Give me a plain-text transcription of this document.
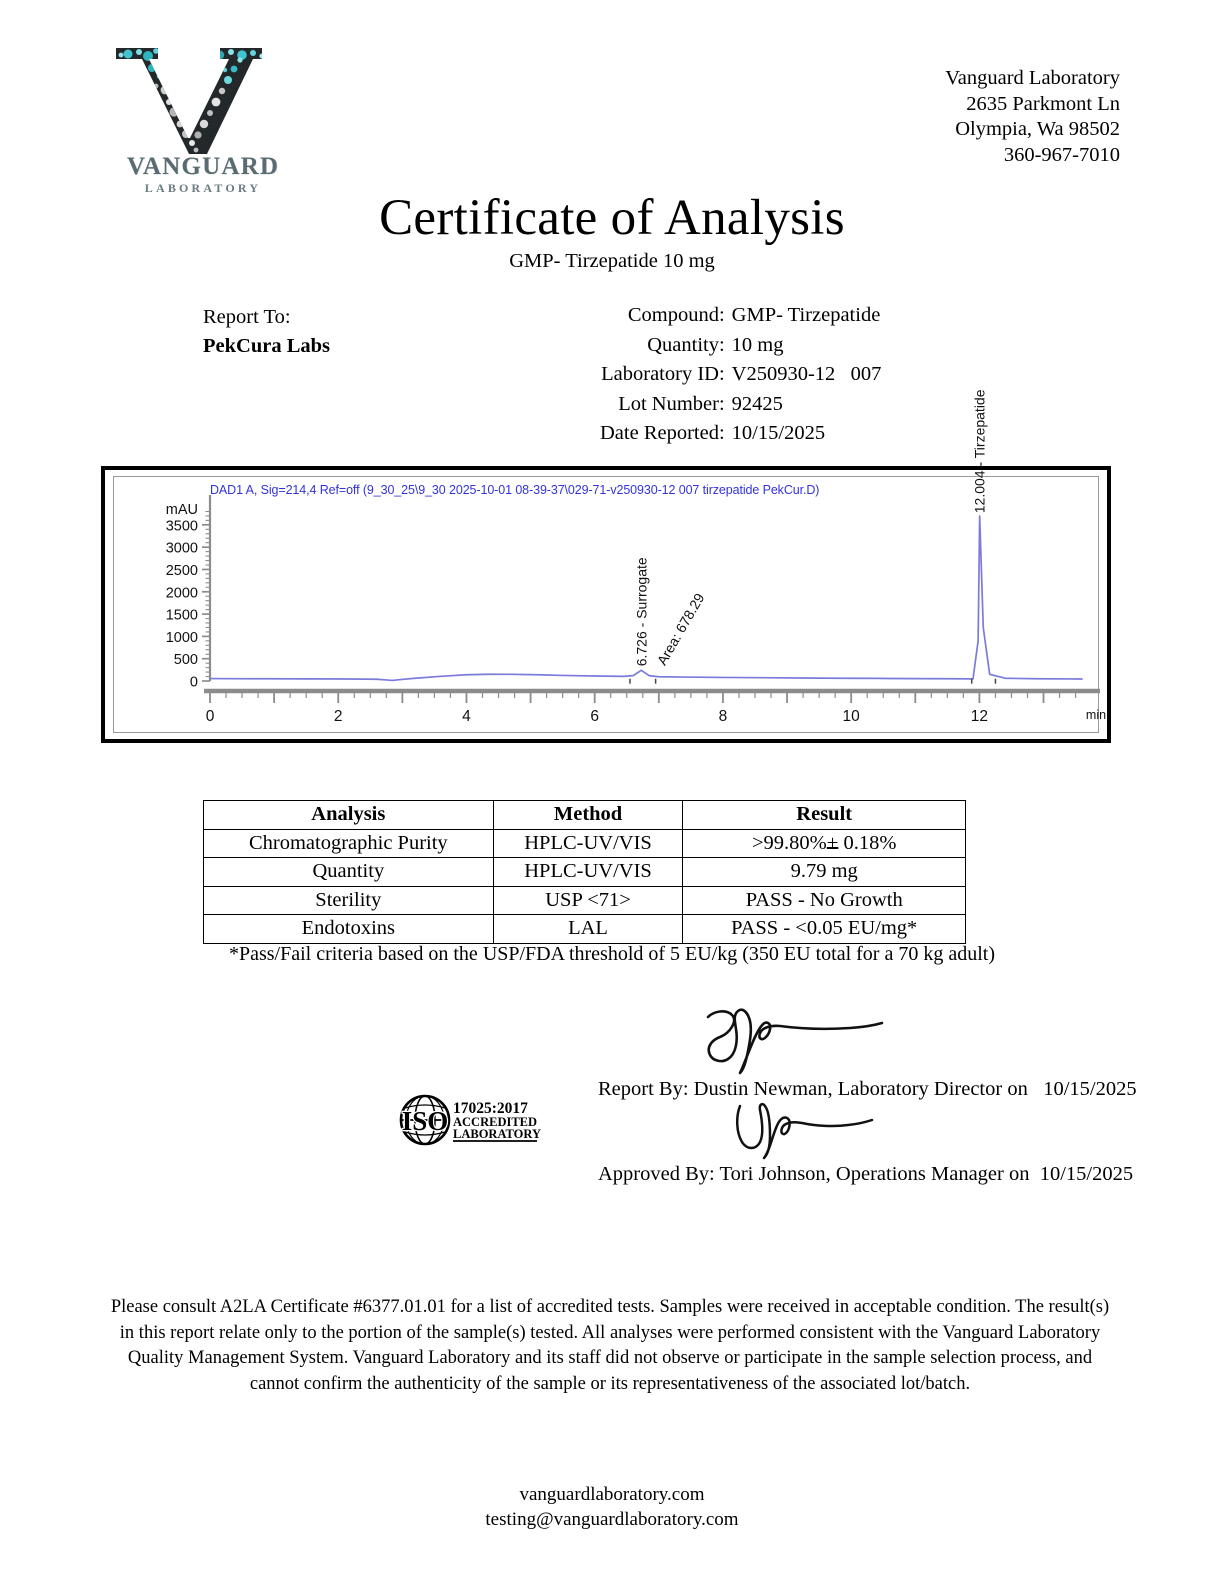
VANGUARD
LABORATORY
Vanguard Laboratory
2635 Parkmont Ln
Olympia, Wa 98502
360-967-7010
Certificate of Analysis
GMP- Tirzepatide 10 mg
Report To:
PekCura Labs
Compound:	GMP- Tirzepatide
Quantity:	10 mg
Laboratory ID:	V250930-12   007
Lot Number:	92425
Date Reported:	10/15/2025
DAD1 A, Sig=214,4 Ref=off (9_30_25\9_30 2025-10-01 08-39-37\029-71-v250930-12 007 tirzepatide PekCur.D)
0
500
1000
1500
2000
2500
3000
3500
mAU
0	2	4	6	8	10	12	min
6.726 - Surrogate Area: 678.29
12.004 - Tirzepatide
Analysis	Method	Result
Chromatographic Purity	HPLC-UV/VIS	>99.80%+ 0.18%
Quantity	HPLC-UV/VIS	9.79 mg
Sterility	USP <71>	PASS - No Growth
Endotoxins	LAL	PASS - <0.05 EU/mg*
*Pass/Fail criteria based on the USP/FDA threshold of 5 EU/kg (350 EU total for a 70 kg adult)
ISO 17025:2017
ACCREDITED
LABORATORY
Report By: Dustin Newman, Laboratory Director on   10/15/2025
Approved By: Tori Johnson, Operations Manager on  10/15/2025
Please consult A2LA Certificate #6377.01.01 for a list of accredited tests. Samples were received in acceptable condition. The result(s) in this report relate only to the portion of the sample(s) tested. All analyses were performed consistent with the Vanguard Laboratory Quality Management System. Vanguard Laboratory and its staff did not observe or participate in the sample selection process, and cannot confirm the authenticity of the sample or its representativeness of the associated lot/batch.
vanguardlaboratory.com
testing@vanguardlaboratory.com
